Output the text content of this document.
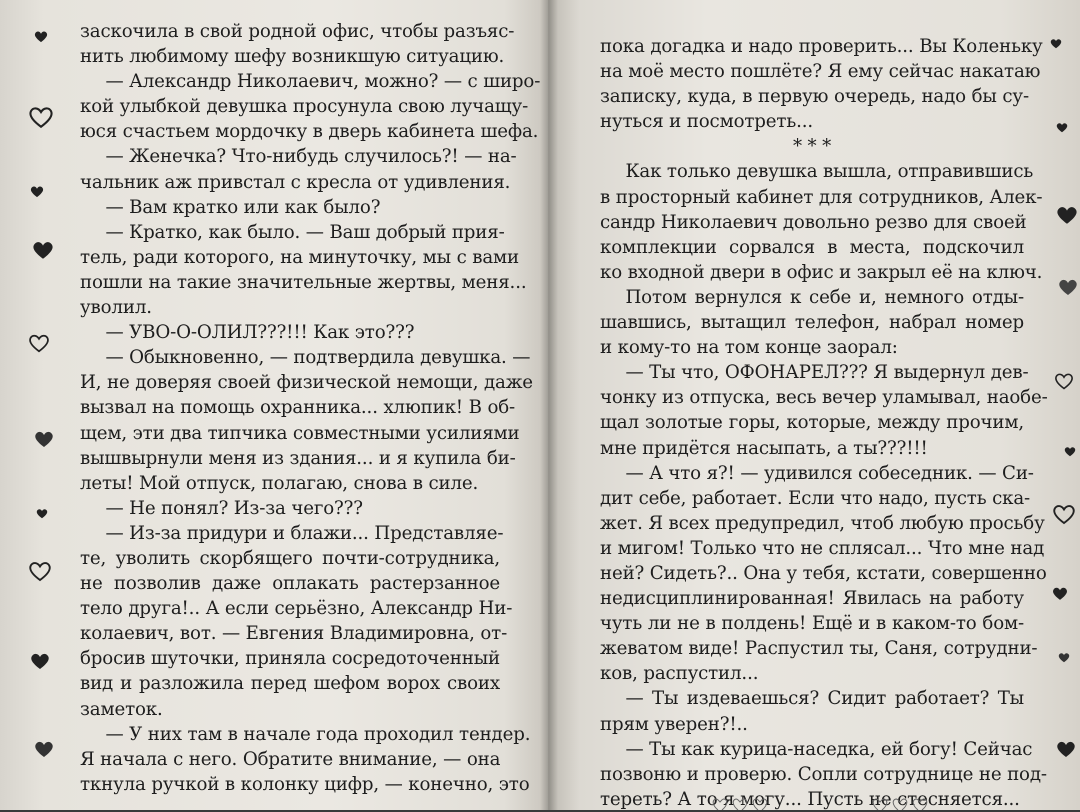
заскочила в свой родной офис, чтобы разъяс-
нить любимому шефу возникшую ситуацию.
— Александр Николаевич, можно? — с широ-
кой улыбкой девушка просунула свою лучащу-
юся счастьем мордочку в дверь кабинета шефа.
— Женечка? Что-нибудь случилось?! — на-
чальник аж привстал с кресла от удивления.
— Вам кратко или как было?
— Кратко, как было. — Ваш добрый прия-
тель, ради которого, на минуточку, мы с вами
пошли на такие значительные жертвы, меня...
уволил.
— УВО-О-ОЛИЛ???!!! Как это???
— Обыкновенно, — подтвердила девушка. —
И, не доверяя своей физической немощи, даже
вызвал на помощь охранника... хлюпик! В об-
щем, эти два типчика совместными усилиями
вышвырнули меня из здания... и я купила би-
леты! Мой отпуск, полагаю, снова в силе.
— Не понял? Из-за чего???
— Из-за придури и блажи... Представляе-
те, уволить скорбящего почти-сотрудника,
не позволив даже оплакать растерзанное
тело друга!.. А если серьёзно, Александр Ни-
колаевич, вот. — Евгения Владимировна, от-
бросив шуточки, приняла сосредоточенный
вид и разложила перед шефом ворох своих
заметок.
— У них там в начале года проходил тендер.
Я начала с него. Обратите внимание, — она
ткнула ручкой в колонку цифр, — конечно, это
пока догадка и надо проверить... Вы Коленьку
на моё место пошлёте? Я ему сейчас накатаю
записку, куда, в первую очередь, надо бы су-
нуться и посмотреть...
* * *
Как только девушка вышла, отправившись
в просторный кабинет для сотрудников, Алек-
сандр Николаевич довольно резво для своей
комплекции сорвался в места, подскочил
ко входной двери в офис и закрыл её на ключ.
Потом вернулся к себе и, немного отды-
шавшись, вытащил телефон, набрал номер
и кому-то на том конце заорал:
— Ты что, ОФОНАРЕЛ??? Я выдернул дев-
чонку из отпуска, весь вечер уламывал, наобе-
щал золотые горы, которые, между прочим,
мне придётся насыпать, а ты???!!!
— А что я?! — удивился собеседник. — Си-
дит себе, работает. Если что надо, пусть ска-
жет. Я всех предупредил, чтоб любую просьбу
и мигом! Только что не сплясал... Что мне над
ней? Сидеть?.. Она у тебя, кстати, совершенно
недисциплинированная! Явилась на работу
чуть ли не в полдень! Ещё и в каком-то бом-
жеватом виде! Распустил ты, Саня, сотрудни-
ков, распустил...
— Ты издеваешься? Сидит работает? Ты
прям уверен?!..
— Ты как курица-наседка, ей богу! Сейчас
позвоню и проверю. Сопли сотруднице не под-
тереть? А то я могу... Пусть не стесняется...
